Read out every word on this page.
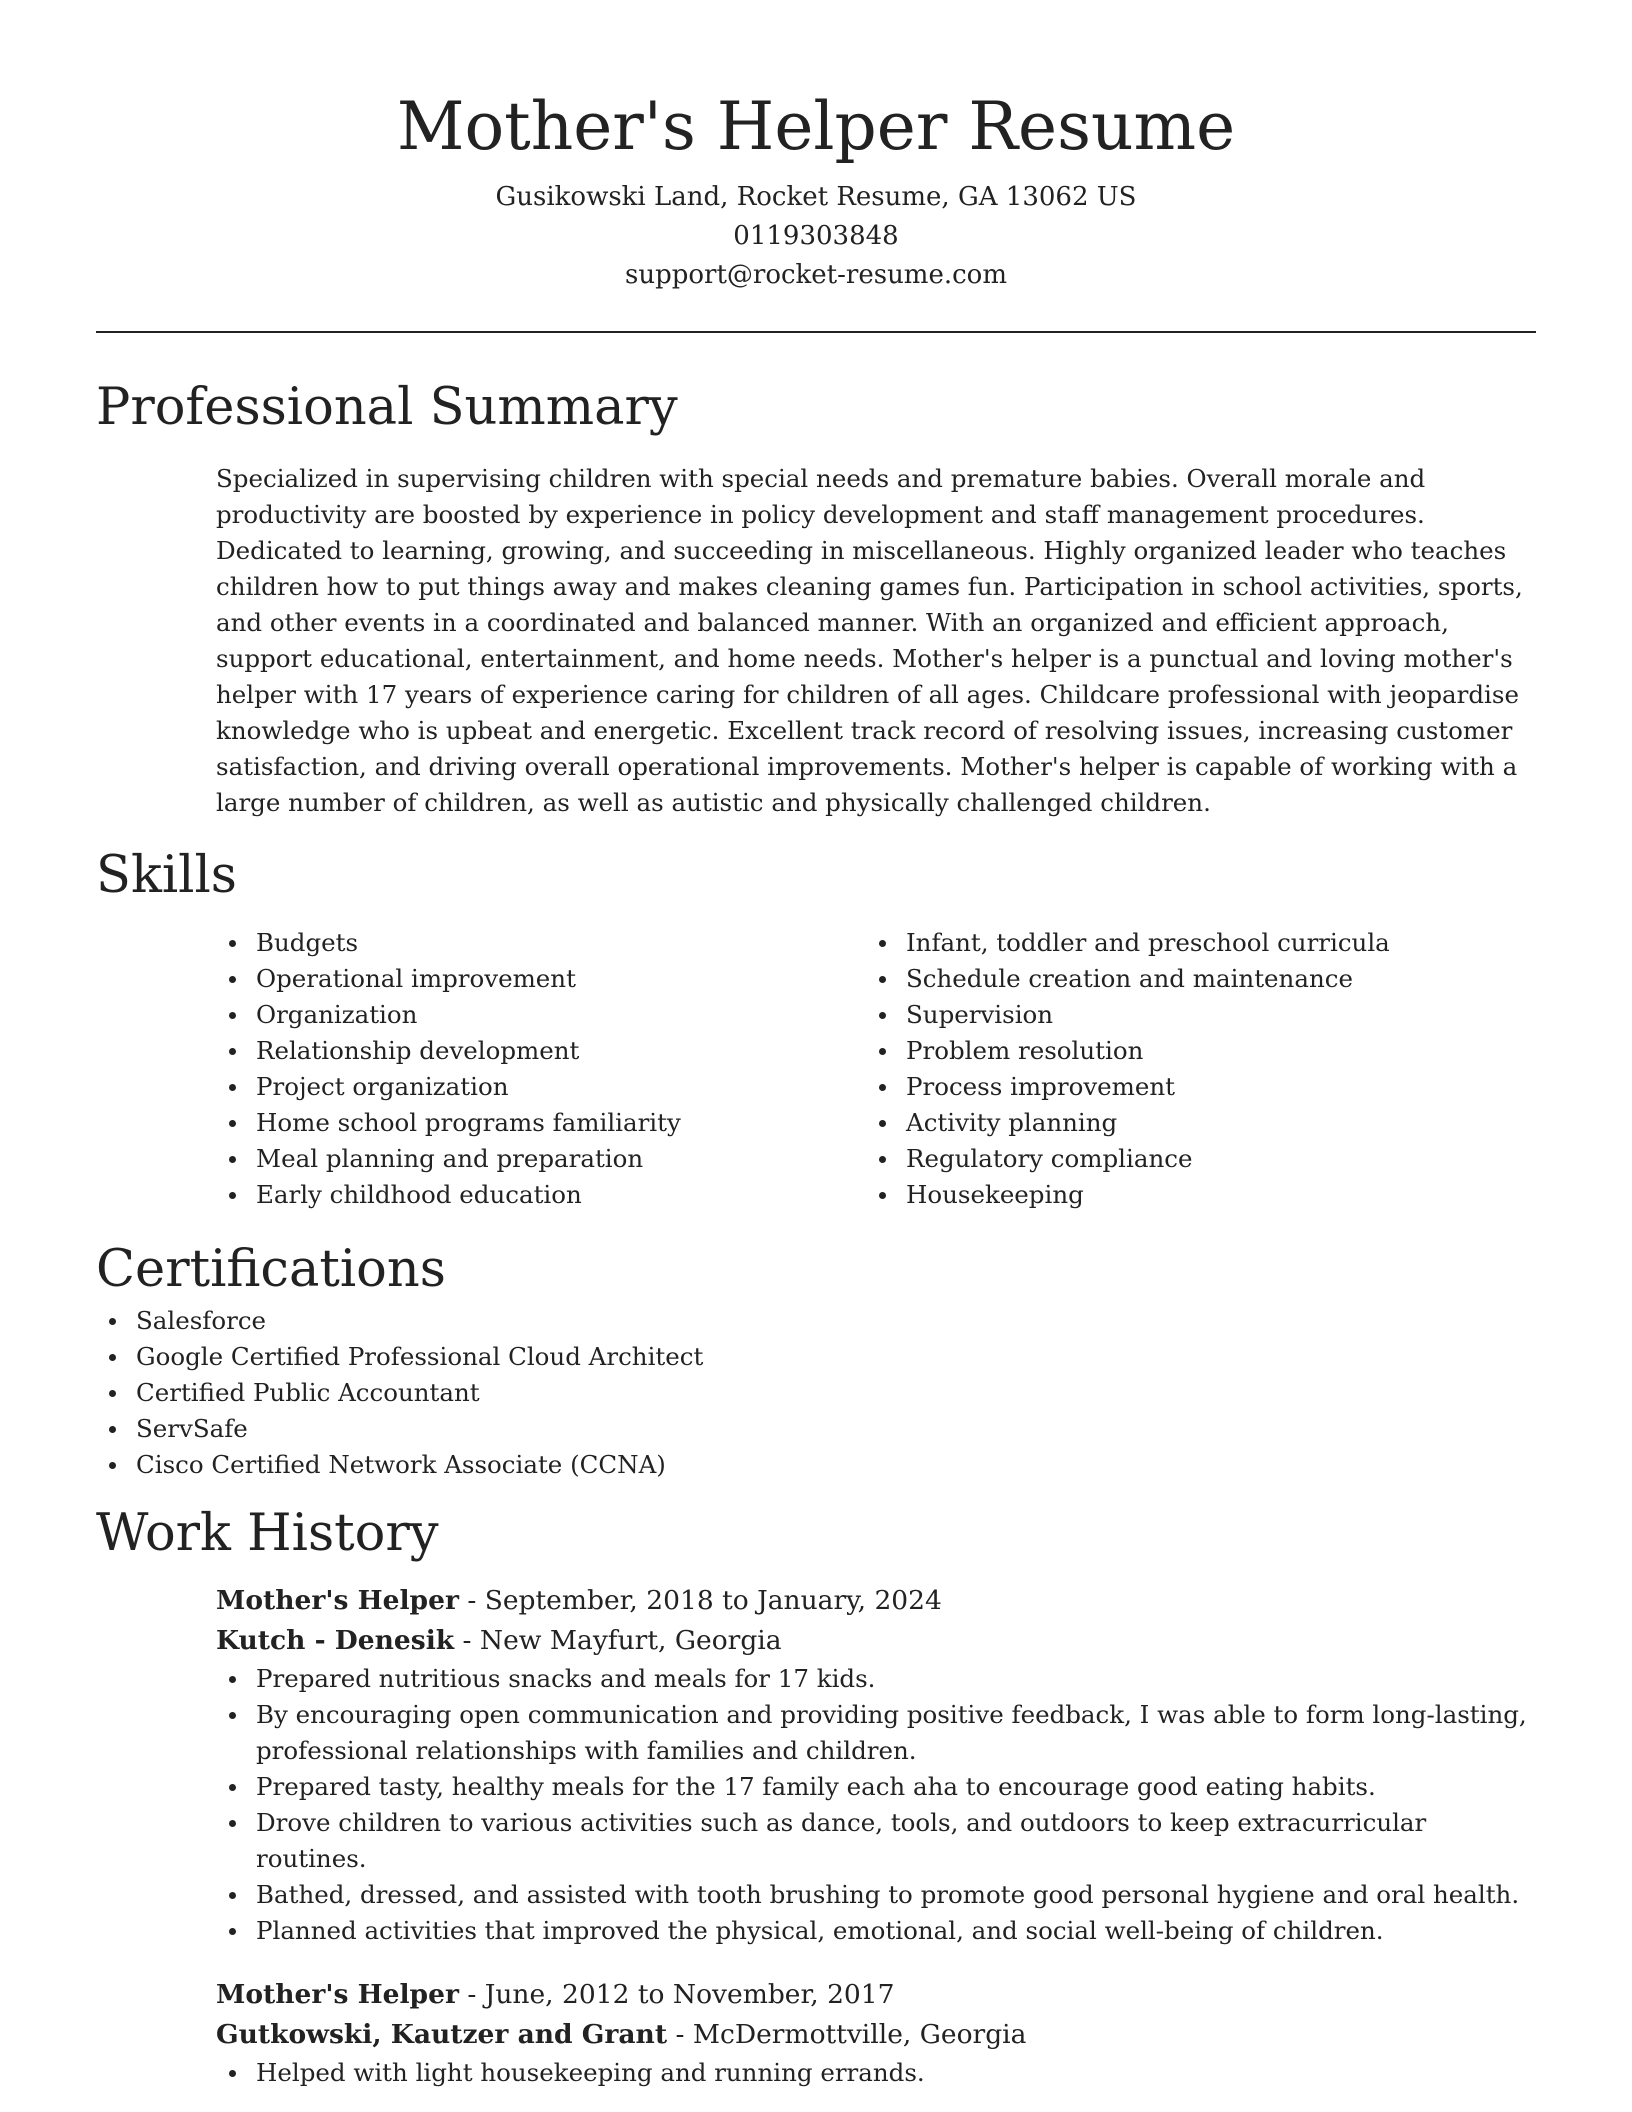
Mother's Helper Resume
Gusikowski Land, Rocket Resume, GA 13062 US
0119303848
support@rocket-resume.com
Professional Summary
Specialized in supervising children with special needs and premature babies. Overall morale and productivity are boosted by experience in policy development and staff management procedures. Dedicated to learning, growing, and succeeding in miscellaneous. Highly organized leader who teaches children how to put things away and makes cleaning games fun. Participation in school activities, sports, and other events in a coordinated and balanced manner. With an organized and efficient approach, support educational, entertainment, and home needs. Mother's helper is a punctual and loving mother's helper with 17 years of experience caring for children of all ages. Childcare professional with jeopardise knowledge who is upbeat and energetic. Excellent track record of resolving issues, increasing customer satisfaction, and driving overall operational improvements. Mother's helper is capable of working with a large number of children, as well as autistic and physically challenged children.
Skills
Budgets
Operational improvement
Organization
Relationship development
Project organization
Home school programs familiarity
Meal planning and preparation
Early childhood education
Infant, toddler and preschool curricula
Schedule creation and maintenance
Supervision
Problem resolution
Process improvement
Activity planning
Regulatory compliance
Housekeeping
Certifications
Salesforce
Google Certified Professional Cloud Architect
Certified Public Accountant
ServSafe
Cisco Certified Network Associate (CCNA)
Work History
Mother's Helper - September, 2018 to January, 2024
Kutch - Denesik - New Mayfurt, Georgia
Prepared nutritious snacks and meals for 17 kids.
By encouraging open communication and providing positive feedback, I was able to form long-lasting, professional relationships with families and children.
Prepared tasty, healthy meals for the 17 family each aha to encourage good eating habits.
Drove children to various activities such as dance, tools, and outdoors to keep extracurricular routines.
Bathed, dressed, and assisted with tooth brushing to promote good personal hygiene and oral health.
Planned activities that improved the physical, emotional, and social well-being of children.
Mother's Helper - June, 2012 to November, 2017
Gutkowski, Kautzer and Grant - McDermottville, Georgia
Helped with light housekeeping and running errands.
